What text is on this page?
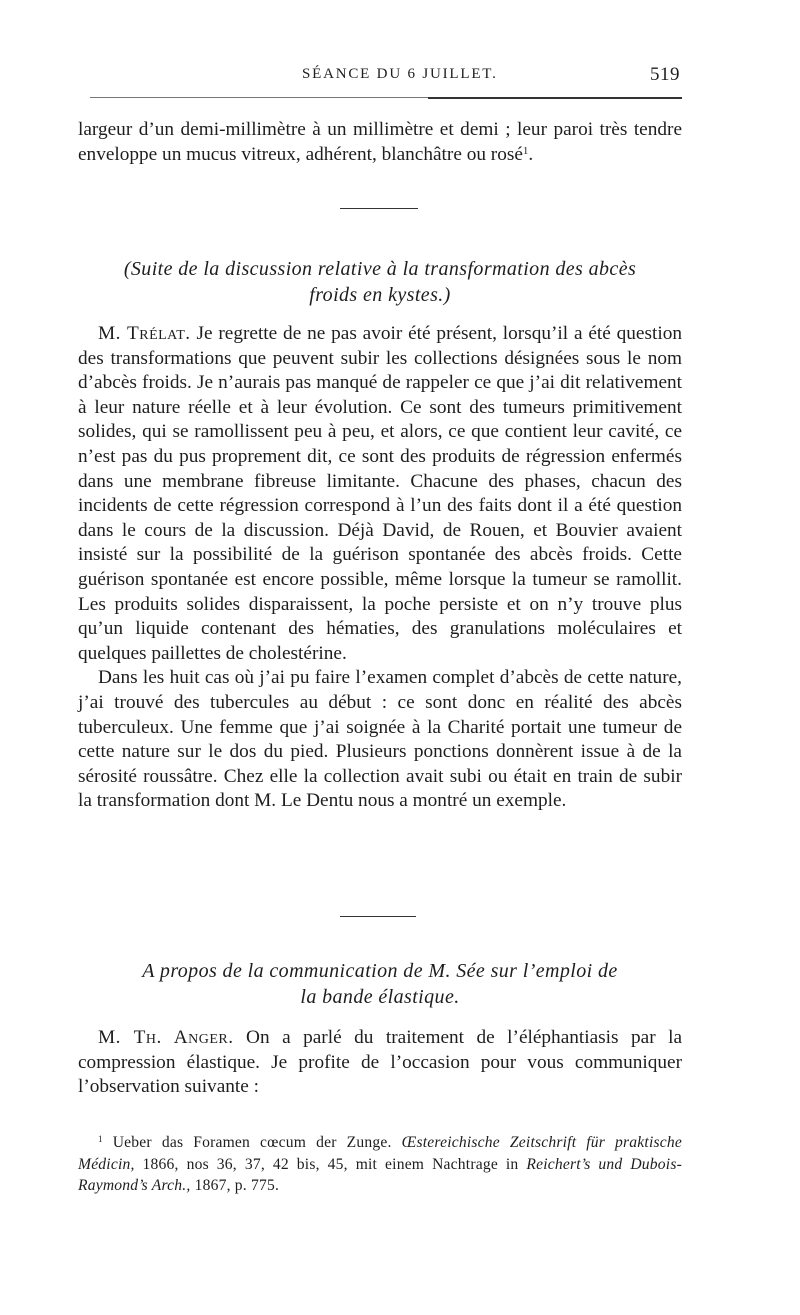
SÉANCE DU 6 JUILLET.	519

largeur d’un demi-millimètre à un millimètre et demi ; leur paroi très tendre enveloppe un mucus vitreux, adhérent, blanchâtre ou rosé$^1$.

(Suite de la discussion relative à la transformation des abcès
froids en kystes.)

M. Trélat. Je regrette de ne pas avoir été présent, lorsqu’il a été question des transformations que peuvent subir les collections désignées sous le nom d’abcès froids. Je n’aurais pas manqué de rappeler ce que j’ai dit relativement à leur nature réelle et à leur évolution. Ce sont des tumeurs primitivement solides, qui se ramollissent peu à peu, et alors, ce que contient leur cavité, ce n’est pas du pus proprement dit, ce sont des produits de régression enfermés dans une membrane fibreuse limitante. Chacune des phases, chacun des incidents de cette régression correspond à l’un des faits dont il a été question dans le cours de la discussion. Déjà David, de Rouen, et Bouvier avaient insisté sur la possibilité de la guérison spontanée des abcès froids. Cette guérison spontanée est encore possible, même lorsque la tumeur se ramollit. Les produits solides disparaissent, la poche persiste et on n’y trouve plus qu’un liquide contenant des hématies, des granulations moléculaires et quelques paillettes de cholestérine.

Dans les huit cas où j’ai pu faire l’examen complet d’abcès de cette nature, j’ai trouvé des tubercules au début : ce sont donc en réalité des abcès tuberculeux. Une femme que j’ai soignée à la Charité portait une tumeur de cette nature sur le dos du pied. Plusieurs ponctions donnèrent issue à de la sérosité roussâtre. Chez elle la collection avait subi ou était en train de subir la transformation dont M. Le Dentu nous a montré un exemple.

A propos de la communication de M. Sée sur l’emploi de
la bande élastique.

M. Th. Anger. On a parlé du traitement de l’éléphantiasis par la compression élastique. Je profite de l’occasion pour vous communiquer l’observation suivante :

$^1$ Ueber das Foramen cœcum der Zunge. Œstereichische Zeitschrift für praktische Médicin, 1866, nos 36, 37, 42 bis, 45, mit einem Nachtrage in Reichert’s und Dubois-Raymond’s Arch., 1867, p. 775.
